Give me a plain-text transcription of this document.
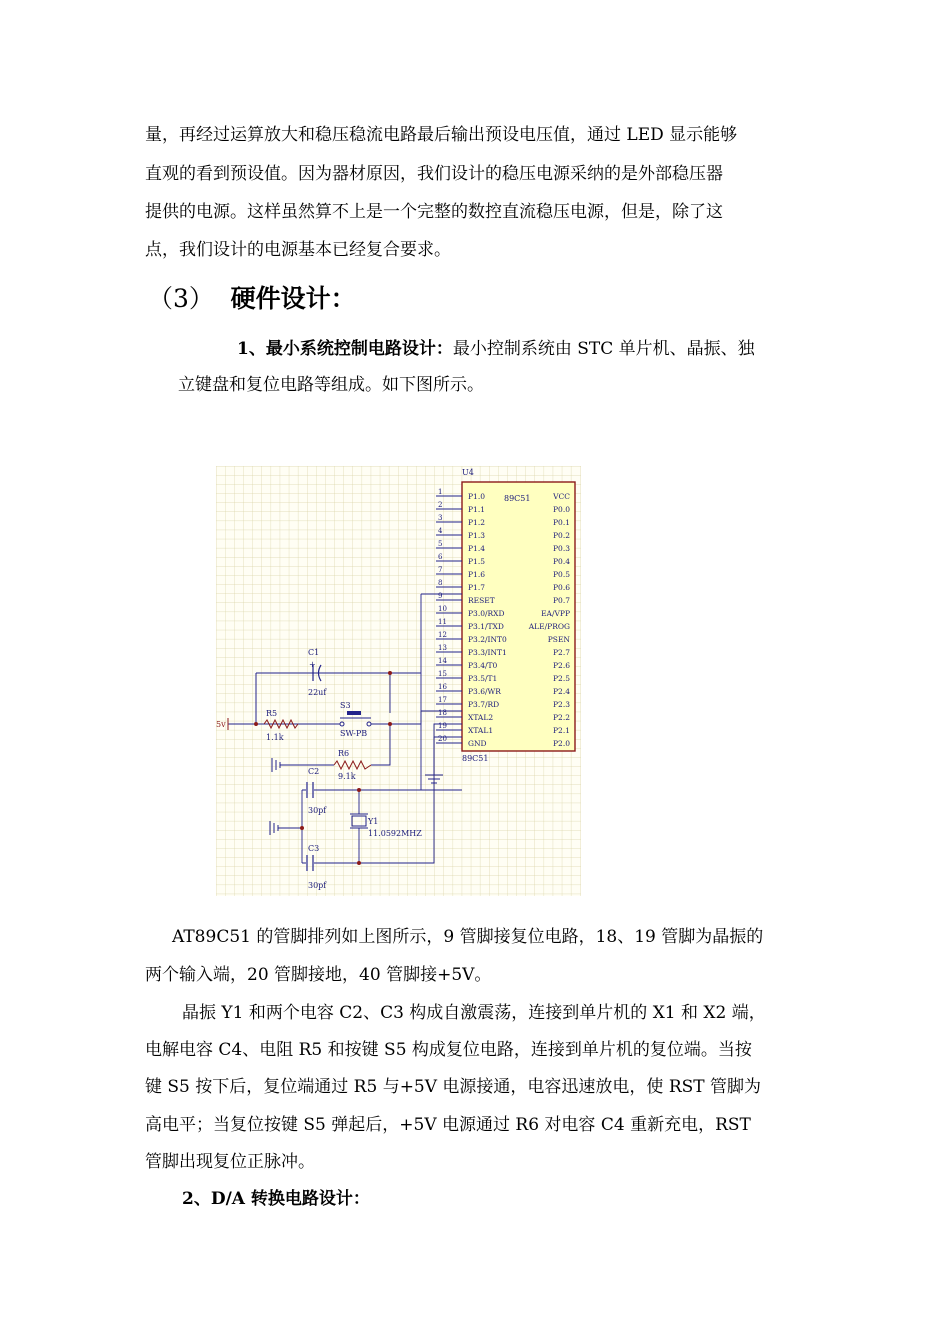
量，再经过运算放大和稳压稳流电路最后输出预设电压值，通过 LED 显示能够

直观的看到预设值。因为器材原因，我们设计的稳压电源采纳的是外部稳压器

提供的电源。这样虽然算不上是一个完整的数控直流稳压电源，但是，除了这

点，我们设计的电源基本已经复合要求。

（3） 硬件设计：

1、最小系统控制电路设计：最小控制系统由 STC 单片机、晶振、独

立键盘和复位电路等组成。如下图所示。

U4
89C51
89C51
1	P1.0
2	P1.1
3	P1.2
4	P1.3
5	P1.4
6	P1.5
7	P1.6
8	P1.7
9	RESET
10	P3.0/RXD
11	P3.1/TXD
12	P3.2/INT0
13	P3.3/INT1
14	P3.4/T0
15	P3.5/T1
16	P3.6/WR
17	P3.7/RD
18	XTAL2
19	XTAL1
20	GND
VCC
P0.0
P0.1
P0.2
P0.3
P0.4
P0.5
P0.6
P0.7
EA/VPP
ALE/PROG
PSEN
P2.7
P2.6
P2.5
P2.4
P2.3
P2.2
P2.1
P2.0
5v
C1
+
22uf
R5
1.1k
S3
SW-PB
R6
9.1k
C2
30pf
Y1
11.0592MHZ
C3
30pf

AT89C51 的管脚排列如上图所示，9 管脚接复位电路，18、19 管脚为晶振的

两个输入端，20 管脚接地，40 管脚接+5V。

晶振 Y1 和两个电容 C2、C3 构成自激震荡，连接到单片机的 X1 和 X2 端，

电解电容 C4、电阻 R5 和按键 S5 构成复位电路，连接到单片机的复位端。当按

键 S5 按下后，复位端通过 R5 与+5V 电源接通，电容迅速放电，使 RST 管脚为

高电平；当复位按键 S5 弹起后，+5V 电源通过 R6 对电容 C4 重新充电，RST

管脚出现复位正脉冲。

2、D/A 转换电路设计：
